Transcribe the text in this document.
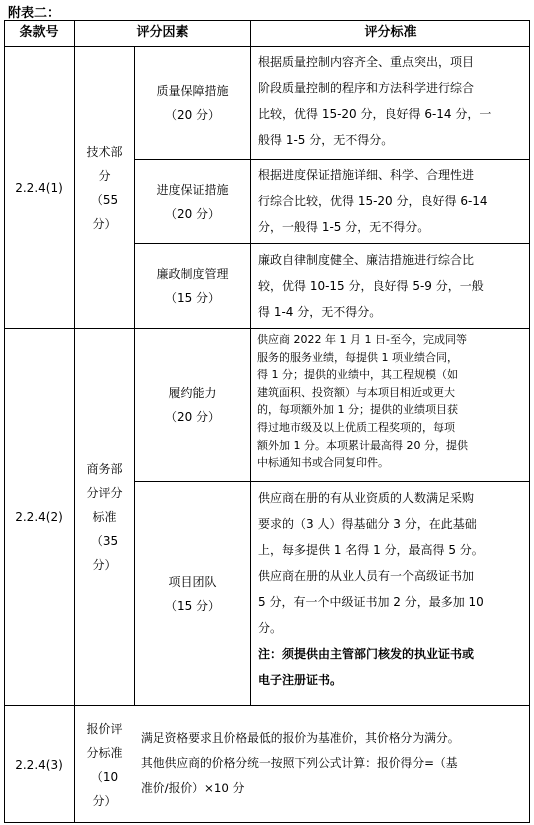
附表二：
条款号	评分因素	评分标准
2.2.4(1)
技术部
分
（55
分）
质量保障措施
（20 分）
根据质量控制内容齐全、重点突出，项目
阶段质量控制的程序和方法科学进行综合
比较，优得 15-20 分，良好得 6-14 分，一
般得 1-5 分，无不得分。
进度保证措施
（20 分）
根据进度保证措施详细、科学、合理性进
行综合比较，优得 15-20 分，良好得 6-14
分，一般得 1-5 分，无不得分。
廉政制度管理
（15 分）
廉政自律制度健全、廉洁措施进行综合比
较，优得 10-15 分，良好得 5-9 分，一般
得 1-4 分，无不得分。
2.2.4(2)
商务部
分评分
标准
（35
分）
履约能力
（20 分）
供应商 2022 年 1 月 1 日-至今，完成同等
服务的服务业绩，每提供 1 项业绩合同，
得 1 分；提供的业绩中，其工程规模（如
建筑面积、投资额）与本项目相近或更大
的，每项额外加 1 分；提供的业绩项目获
得过地市级及以上优质工程奖项的，每项
额外加 1 分。本项累计最高得 20 分，提供
中标通知书或合同复印件。
项目团队
（15 分）
供应商在册的有从业资质的人数满足采购
要求的（3 人）得基础分 3 分，在此基础
上，每多提供 1 名得 1 分，最高得 5 分。
供应商在册的从业人员有一个高级证书加
5 分，有一个中级证书加 2 分，最多加 10
分。
注：须提供由主管部门核发的执业证书或
电子注册证书。
2.2.4(3)
报价评
分标准
（10
分）
满足资格要求且价格最低的报价为基准价，其价格分为满分。
其他供应商的价格分统一按照下列公式计算：报价得分=（基
准价/报价）×10 分
